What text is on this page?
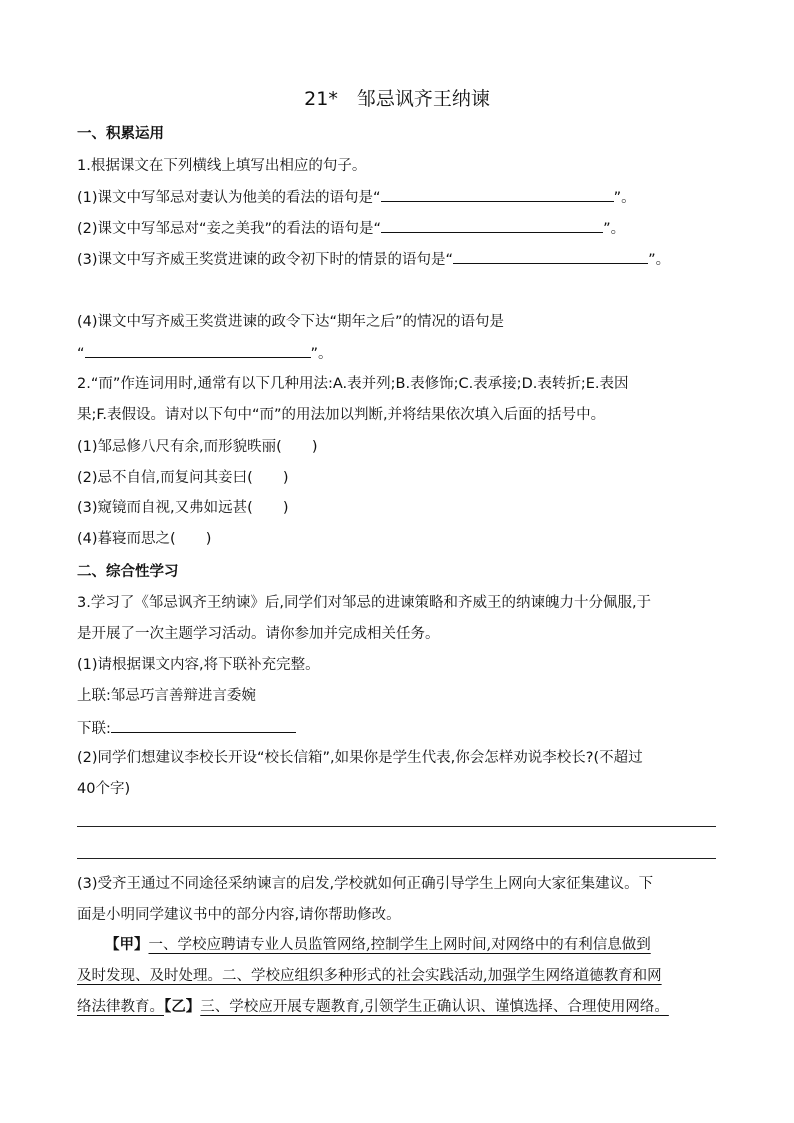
21*　邹忌讽齐王纳谏
一、积累运用
1.根据课文在下列横线上填写出相应的句子。
(1)课文中写邹忌对妻认为他美的看法的语句是“	”。
(2)课文中写邹忌对“妾之美我”的看法的语句是“	”。
(3)课文中写齐威王奖赏进谏的政令初下时的情景的语句是“	”。
(4)课文中写齐威王奖赏进谏的政令下达“期年之后”的情况的语句是
“	”。
2.“而”作连词用时,通常有以下几种用法:A.表并列;B.表修饰;C.表承接;D.表转折;E.表因
果;F.表假设。请对以下句中“而”的用法加以判断,并将结果依次填入后面的括号中。
(1)邹忌修八尺有余,而形貌昳丽( )
(2)忌不自信,而复问其妾曰( )
(3)窥镜而自视,又弗如远甚( )
(4)暮寝而思之( )
二、综合性学习
3.学习了《邹忌讽齐王纳谏》后,同学们对邹忌的进谏策略和齐威王的纳谏魄力十分佩服,于
是开展了一次主题学习活动。请你参加并完成相关任务。
(1)请根据课文内容,将下联补充完整。
上联:邹忌巧言善辩进言委婉
下联:
(2)同学们想建议李校长开设“校长信箱”,如果你是学生代表,你会怎样劝说李校长?(不超过
40个字)
(3)受齐王通过不同途径采纳谏言的启发,学校就如何正确引导学生上网向大家征集建议。下
面是小明同学建议书中的部分内容,请你帮助修改。
【甲】一、学校应聘请专业人员监管网络,控制学生上网时间,对网络中的有利信息做到
及时发现、及时处理。二、学校应组织多种形式的社会实践活动,加强学生网络道德教育和网
络法律教育。【乙】三、学校应开展专题教育,引领学生正确认识、谨慎选择、合理使用网络。
